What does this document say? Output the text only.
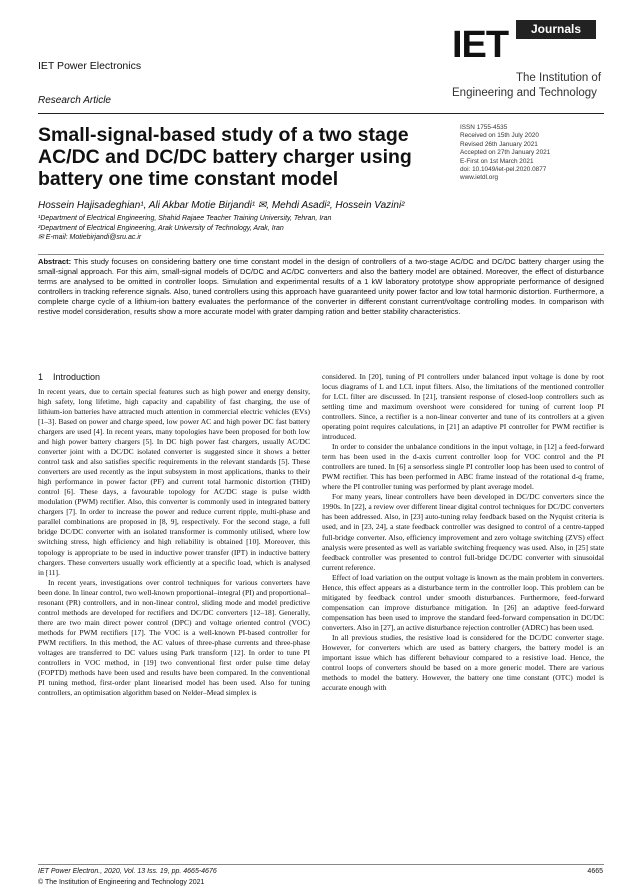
IET Power Electronics
Research Article
IET	Journals
The Institution of
Engineering and Technology
Small-signal-based study of a two stage AC/DC and DC/DC battery charger using battery one time constant model
ISSN 1755-4535
Received on 15th July 2020
Revised 26th January 2021
Accepted on 27th January 2021
E-First on 1st March 2021
doi: 10.1049/iet-pel.2020.0877
www.ietdl.org
Hossein Hajisadeghian¹, Ali Akbar Motie Birjandi¹ ✉, Mehdi Asadi², Hossein Vazini²
¹Department of Electrical Engineering, Shahid Rajaee Teacher Training University, Tehran, Iran
²Department of Electrical Engineering, Arak University of Technology, Arak, Iran
✉ E-mail: Motiebirjandi@sru.ac.ir
Abstract: This study focuses on considering battery one time constant model in the design of controllers of a two-stage AC/DC and DC/DC battery charger using the small-signal approach. For this aim, small-signal models of DC/DC and AC/DC converters and also the battery model are obtained. Moreover, the effect of disturbance terms are analysed to be omitted in controller loops. Simulation and experimental results of a 1 kW laboratory prototype show appropriate performance of designed controllers in tracking reference signals. Also, tuned controllers using this approach have guaranteed unity power factor and low total harmonic distortion. Furthermore, a complete charge cycle of a lithium-ion battery evaluates the performance of the converter in different constant current/voltage controlling modes. In comparison with restive model consideration, results show a more accurate model with grater damping ration and better stability characteristics.
1 Introduction

In recent years, due to certain special features such as high power and energy density, high safety, long lifetime, high capacity and capability of fast charging, the use of lithium-ion batteries have attracted much attention in commercial electric vehicles (EVs) [1–3]. Based on power and charge speed, low power AC and high power DC fast battery chargers are used [4]. In recent years, many topologies have been proposed for both low and high power battery chargers [5]. In DC high power fast chargers, usually AC/DC converter joint with a DC/DC isolated converter is suggested since it shows a better control task and also satisfies specific requirements in the relevant standards [5]. These converters are used recently as the input subsystem in most applications, thanks to their high performance in power factor (PF) and current total harmonic distortion (THD) control [6]. These days, a favourable topology for AC/DC stage is pulse width modulation (PWM) rectifier. Also, this converter is commonly used in integrated battery chargers [7]. In order to increase the power and reduce current ripple, multi-phase and parallel combinations are proposed in [8, 9], respectively. For the second stage, a full bridge DC/DC converter with an isolated transformer is commonly utilised, where low switching stress, high efficiency and high reliability is obtained [10]. Moreover, this topology is appropriate to be used in inductive power transfer (IPT) in inductive battery chargers. These converters usually work efficiently at a specific load, which is analysed in [11].

In recent years, investigations over control techniques for various converters have been done. In linear control, two well-known proportional–integral (PI) and proportional–resonant (PR) controllers, and in non-linear control, sliding mode and model predictive control methods are developed for rectifiers and DC/DC converters [12–18]. Generally, there are two main direct power control (DPC) and voltage oriented control (VOC) methods for PWM rectifiers [17]. The VOC is a well-known PI-based controller for PWM rectifiers. In this method, the AC values of three-phase currents and three-phase voltages are transferred to DC values using Park transform [12]. In order to tune PI controllers in VOC method, in [19] two conventional first order pulse time delay (FOPTD) methods have been used and results have been compared. In the conventional PI tuning method, first-order plant linearised model has been used. Also for tuning controllers, an optimisation algorithm based on Nelder–Mead simplex is

considered. In [20], tuning of PI controllers under balanced input voltage is done by root locus diagrams of L and LCL input filters. Also, the limitations of the mentioned controller for LCL filter are discussed. In [21], transient response of closed-loop controllers such as settling time and maximum overshoot were considered for tuning of current loop PI controllers. Since, a rectifier is a non-linear converter and tune of its controllers at a given operating point requires calculations, in [21] an adaptive PI controller for PWM rectifier is introduced.

In order to consider the unbalance conditions in the input voltage, in [12] a feed-forward term has been used in the d-axis current controller loop for VOC control and the PI controllers are tuned. In [6] a sensorless single PI controller loop has been used to control of PWM rectifier. This has been performed in ABC frame instead of the rotational d-q frame, where the PI controller tuning was performed by plant average model.

For many years, linear controllers have been developed in DC/DC converters since the 1990s. In [22], a review over different linear digital control techniques for DC/DC converters has been addressed. Also, in [23] auto-tuning relay feedback based on the Nyquist criteria is used, and in [23, 24], a state feedback controller was designed to control of a centre-tapped full-bridge converter. Also, efficiency improvement and zero voltage switching (ZVS) effect analysis were presented as well as variable switching frequency was used. Also, in [25] state feedback controller was presented to control full-bridge DC/DC converter with sinusoidal current reference.

Effect of load variation on the output voltage is known as the main problem in converters. Hence, this effect appears as a disturbance term in the controller loop. This problem can be mitigated by feedback control under smooth disturbances. Furthermore, feed-forward compensation can improve disturbance mitigation. In [26] an adaptive feed-forward compensation has been used to improve the standard feed-forward compensation in DC/DC converters. Also in [27], an active disturbance rejection controller (ADRC) has been used.

In all previous studies, the resistive load is considered for the DC/DC converter stage. However, for converters which are used as battery chargers, the battery model is an important issue which has different behaviour compared to a resistive load. Hence, the control loops of converters should be based on a more generic model. There are various methods to model the battery. However, the battery one time constant (OTC) model is accurate enough with

IET Power Electron., 2020, Vol. 13 Iss. 19, pp. 4665-4676
© The Institution of Engineering and Technology 2021
4665
